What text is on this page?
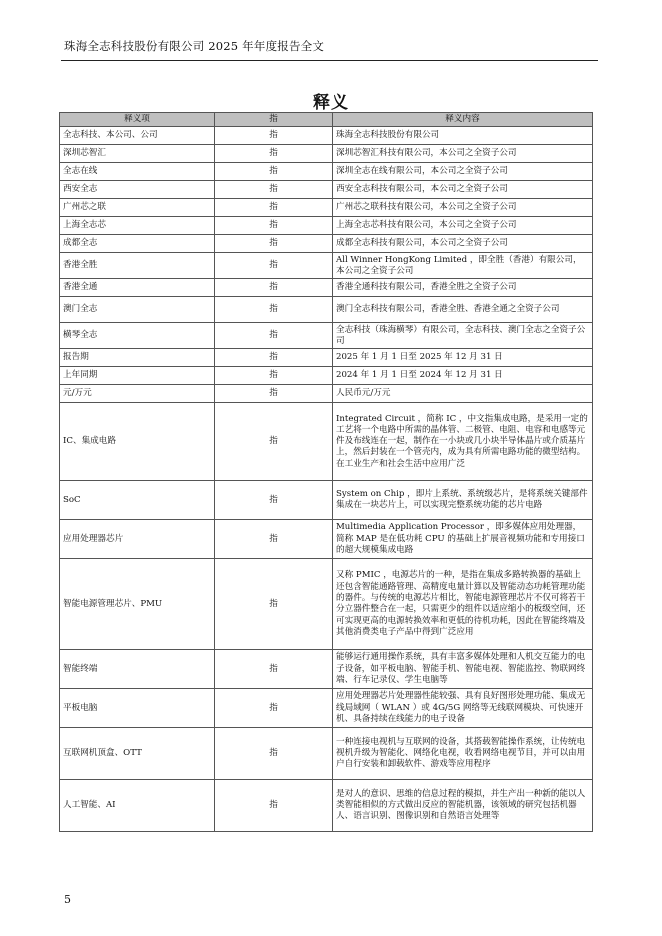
珠海全志科技股份有限公司 2025 年年度报告全文
释义
释义项	指	释义内容
全志科技、本公司、公司	指	珠海全志科技股份有限公司
深圳芯智汇	指	深圳芯智汇科技有限公司，本公司之全资子公司
全志在线	指	深圳全志在线有限公司，本公司之全资子公司
西安全志	指	西安全志科技有限公司，本公司之全资子公司
广州芯之联	指	广州芯之联科技有限公司，本公司之全资子公司
上海全志芯	指	上海全志芯科技有限公司，本公司之全资子公司
成都全志	指	成都全志科技有限公司，本公司之全资子公司
香港全胜	指	All Winner HongKong Limited ，即全胜（香港）有限公司，本公司之全资子公司
香港全通	指	香港全通科技有限公司，香港全胜之全资子公司
澳门全志	指	澳门全志科技有限公司，香港全胜、香港全通之全资子公司
横琴全志	指	全志科技（珠海横琴）有限公司，全志科技、澳门全志之全资子公司
报告期	指	2025 年 1 月 1 日至 2025 年 12 月 31 日
上年同期	指	2024 年 1 月 1 日至 2024 年 12 月 31 日
元/万元	指	人民币元/万元
IC、集成电路	指	Integrated Circuit ，简称 IC ，中文指集成电路，是采用一定的工艺将一个电路中所需的晶体管、二极管、电阻、电容和电感等元件及布线连在一起，制作在一小块或几小块半导体晶片或介质基片上，然后封装在一个管壳内，成为具有所需电路功能的微型结构。在工业生产和社会生活中应用广泛
SoC	指	System on Chip ，即片上系统、系统级芯片，是将系统关键部件集成在一块芯片上，可以实现完整系统功能的芯片电路
应用处理器芯片	指	Multimedia Application Processor ，即多媒体应用处理器，简称 MAP 是在低功耗 CPU 的基础上扩展音视频功能和专用接口的超大规模集成电路
智能电源管理芯片、PMU	指	又称 PMIC ，电源芯片的一种，是指在集成多路转换器的基础上还包含智能通路管理、高精度电量计算以及智能动态功耗管理功能的器件。与传统的电源芯片相比，智能电源管理芯片不仅可将若干分立器件整合在一起，只需更少的组件以适应缩小的板级空间，还可实现更高的电源转换效率和更低的待机功耗，因此在智能终端及其他消费类电子产品中得到广泛应用
智能终端	指	能够运行通用操作系统，具有丰富多媒体处理和人机交互能力的电子设备，如平板电脑、智能手机、智能电视、智能监控、物联网终端、行车记录仪、学生电脑等
平板电脑	指	应用处理器芯片处理器性能较强、具有良好图形处理功能、集成无线局域网（ WLAN ）或 4G/5G 网络等无线联网模块、可快速开机、具备持续在线能力的电子设备
互联网机顶盒、OTT	指	一种连接电视机与互联网的设备，其搭载智能操作系统，让传统电视机升级为智能化、网络化电视，收看网络电视节目，并可以由用户自行安装和卸载软件、游戏等应用程序
人工智能、AI	指	是对人的意识、思维的信息过程的模拟，并生产出一种新的能以人类智能相似的方式做出反应的智能机器，该领域的研究包括机器人、语言识别、图像识别和自然语言处理等
5
